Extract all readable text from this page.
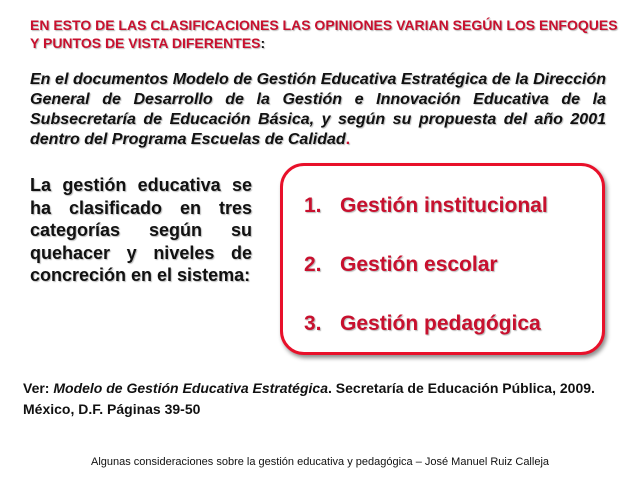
EN ESTO DE LAS CLASIFICACIONES LAS OPINIONES VARIAN SEGÚN LOS ENFOQUES Y PUNTOS DE VISTA DIFERENTES:

En el documentos Modelo de Gestión Educativa Estratégica de la Dirección General de Desarrollo de la Gestión e Innovación Educativa de la Subsecretaría de Educación Básica, y según su propuesta del año 2001 dentro del Programa Escuelas de Calidad.

La gestión educativa se ha clasificado en tres categorías según su quehacer y niveles de concreción en el sistema:

1. Gestión institucional

2. Gestión escolar

3. Gestión pedagógica

Ver: Modelo de Gestión Educativa Estratégica. Secretaría de Educación Pública, 2009. México, D.F. Páginas 39-50

Algunas consideraciones sobre la gestión educativa y pedagógica – José Manuel Ruiz Calleja
